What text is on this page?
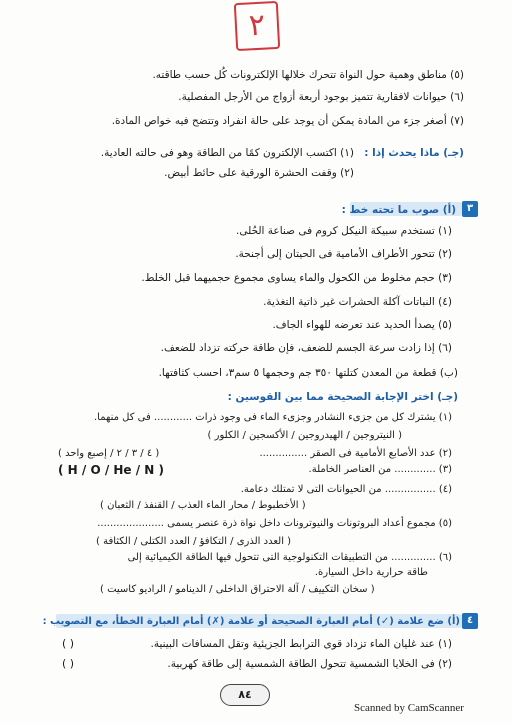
٢
(٥) مناطق وهمية حول النواة تتحرك خلالها الإلكترونات كُل حسب طاقته.
(٦) حيوانات لافقارية تتميز بوجود أربعة أزواج من الأرجل المفصلية.
(٧) أصغر جزء من المادة يمكن أن يوجد على حالة انفراد وتتضح فيه خواص المادة.
(جـ) ماذا يحدث إذا :
(١) اكتسب الإلكترون كمًا من الطاقة وهو فى حالته العادية.
(٢) وقفت الحشرة الورقية على حائط أبيض.
٣
(أ) صوب ما تحته خط :
(١) تستخدم سبيكة النيكل كروم فى صناعة الحُلى.
(٢) تتحور الأطراف الأمامية فى الحيتان إلى أجنحة.
(٣) حجم مخلوط من الكحول والماء يساوى مجموع حجميهما قبل الخلط.
(٤) النباتات آكلة الحشرات غير ذاتية التغذية.
(٥) يصدأ الحديد عند تعرضه للهواء الجاف.
(٦) إذا زادت سرعة الجسم للضعف، فإن طاقة حركته تزداد للضعف.
(ب) قطعة من المعدن كتلتها ٣٥٠ جم وحجمها ٥ سم٣، احسب كثافتها.
(جـ) اختر الإجابة الصحيحة مما بين القوسين :
(١) يشترك كل من جزىء النشادر وجزىء الماء فى وجود ذرات ............ فى كل منهما.
( النيتروجين / الهيدروجين / الأكسجين / الكلور )
(٢) عدد الأصابع الأمامية فى الصقر ...............
( ٤ / ٣ / ٢ / إصبع واحد )
(٣) ............. من العناصر الخاملة.
( H / O / He / N )
(٤) ................ من الحيوانات التى لا تمتلك دعامة.
( الأخطبوط / محار الماء العذب / القنفذ / الثعبان )
(٥) مجموع أعداد البروتونات والنيوترونات داخل نواة ذرة عنصر يسمى .....................
( العدد الذرى / التكافؤ / العدد الكتلى / الكثافة )
(٦) .............. من التطبيقات التكنولوجية التى تتحول فيها الطاقة الكيميائية إلى
طاقة حرارية داخل السيارة.
( سخان التكييف / آلة الاحتراق الداخلى / الدينامو / الراديو كاسيت )
٤
(أ) ضع علامة (✓) أمام العبارة الصحيحة أو علامة (✗) أمام العبارة الخطأ، مع التصويب :
(١) عند غليان الماء تزداد قوى الترابط الجزيئية وتقل المسافات البينية.
( )
(٢) فى الخلايا الشمسية تتحول الطاقة الشمسية إلى طاقة كهربية.
( )
٨٤
Scanned by CamScanner
